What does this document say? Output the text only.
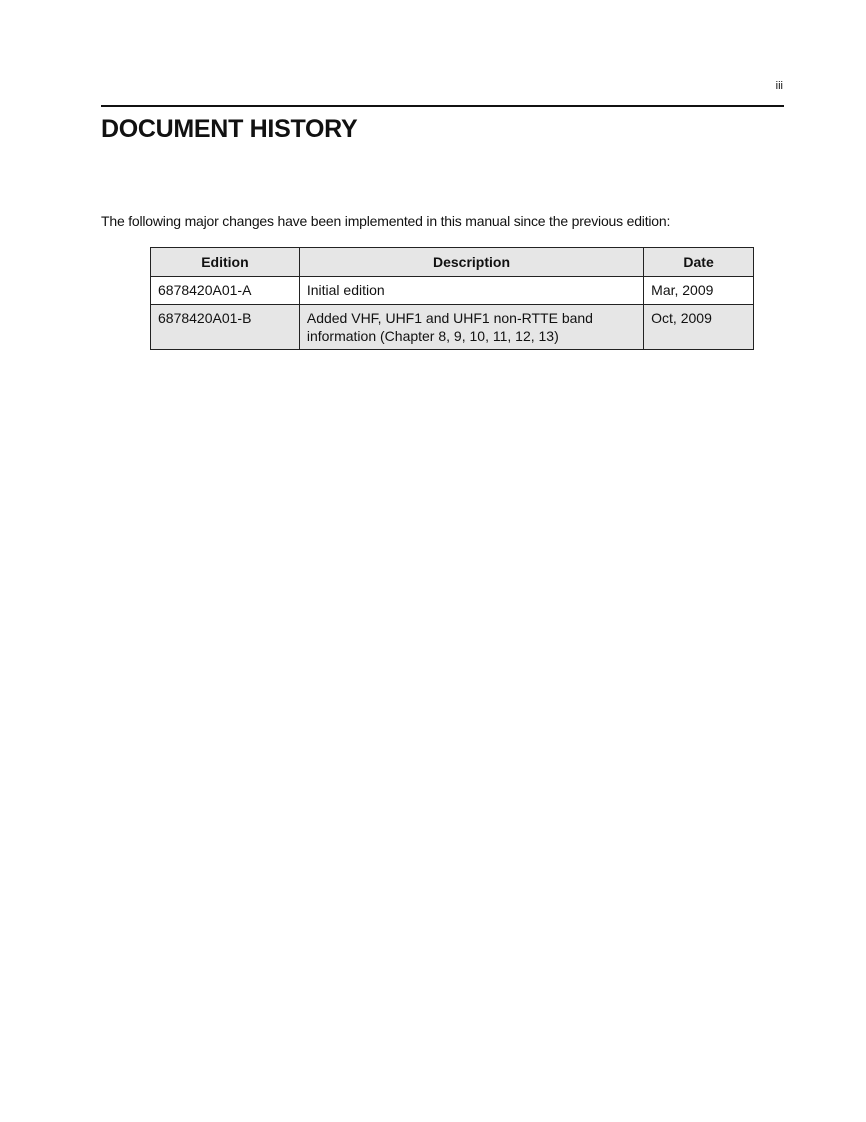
iii
DOCUMENT HISTORY

The following major changes have been implemented in this manual since the previous edition:

Edition	Description	Date
6878420A01-A	Initial edition	Mar, 2009
6878420A01-B	Added VHF, UHF1 and UHF1 non-RTTE band information (Chapter 8, 9, 10, 11, 12, 13)	Oct, 2009
